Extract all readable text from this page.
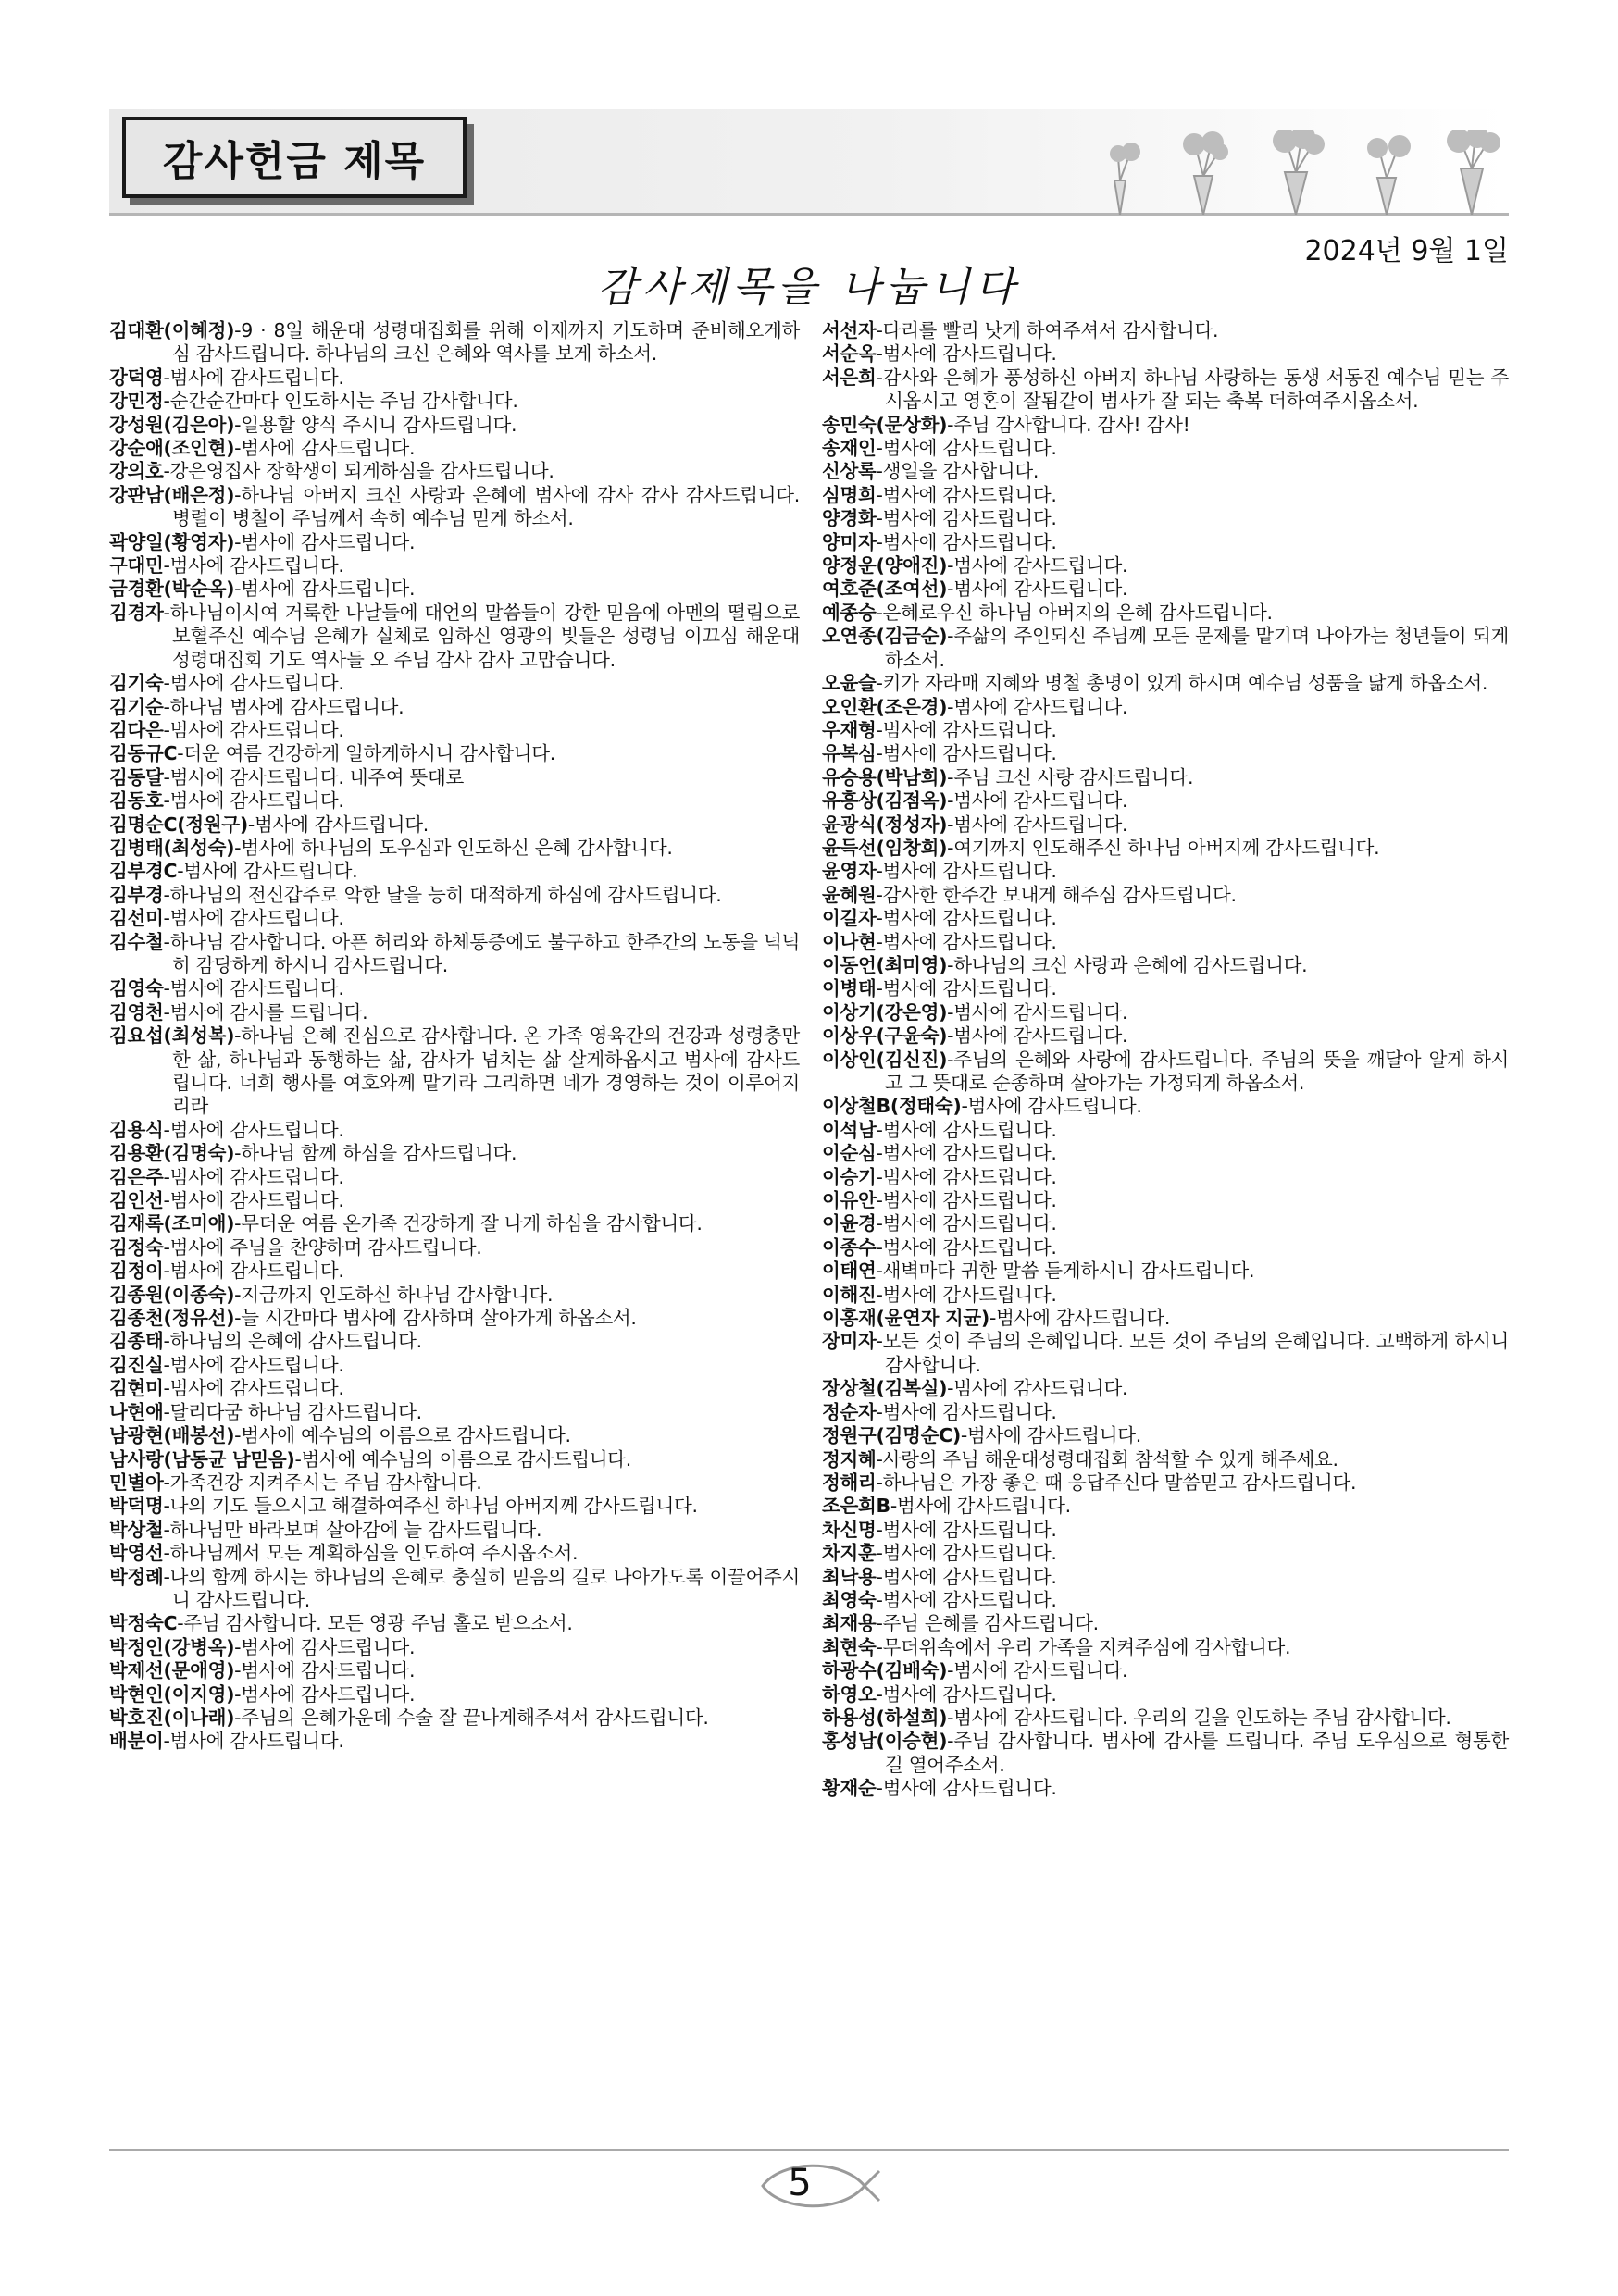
감사헌금 제목
2024년 9월 1일
감사제목을 나눕니다
김대환(이혜정)-9 · 8일 해운대 성령대집회를 위해 이제까지 기도하며 준비해오게하심 감사드립니다. 하나님의 크신 은혜와 역사를 보게 하소서.
강덕영-범사에 감사드립니다.
강민정-순간순간마다 인도하시는 주님 감사합니다.
강성원(김은아)-일용할 양식 주시니 감사드립니다.
강순애(조인현)-범사에 감사드립니다.
강의호-강은영집사 장학생이 되게하심을 감사드립니다.
강판남(배은정)-하나님 아버지 크신 사랑과 은혜에 범사에 감사 감사 감사드립니다. 병렬이 병철이 주님께서 속히 예수님 믿게 하소서.
곽양일(황영자)-범사에 감사드립니다.
구대민-범사에 감사드립니다.
금경환(박순옥)-범사에 감사드립니다.
김경자-하나님이시여 거룩한 나날들에 대언의 말씀들이 강한 믿음에 아멘의 떨림으로 보혈주신 예수님 은혜가 실체로 임하신 영광의 빛들은 성령님 이끄심 해운대성령대집회 기도 역사들 오 주님 감사 감사 고맙습니다.
김기숙-범사에 감사드립니다.
김기순-하나님 범사에 감사드립니다.
김다은-범사에 감사드립니다.
김동규C-더운 여름 건강하게 일하게하시니 감사합니다.
김동달-범사에 감사드립니다. 내주여 뜻대로
김동호-범사에 감사드립니다.
김명순C(정원구)-범사에 감사드립니다.
김병태(최성숙)-범사에 하나님의 도우심과 인도하신 은혜 감사합니다.
김부경C-범사에 감사드립니다.
김부경-하나님의 전신갑주로 악한 날을 능히 대적하게 하심에 감사드립니다.
김선미-범사에 감사드립니다.
김수철-하나님 감사합니다. 아픈 허리와 하체통증에도 불구하고 한주간의 노동을 넉넉히 감당하게 하시니 감사드립니다.
김영숙-범사에 감사드립니다.
김영천-범사에 감사를 드립니다.
김요섭(최성복)-하나님 은혜 진심으로 감사합니다. 온 가족 영육간의 건강과 성령충만한 삶, 하나님과 동행하는 삶, 감사가 넘치는 삶 살게하옵시고 범사에 감사드립니다. 너희 행사를 여호와께 맡기라 그리하면 네가 경영하는 것이 이루어지리라
김용식-범사에 감사드립니다.
김용환(김명숙)-하나님 함께 하심을 감사드립니다.
김은주-범사에 감사드립니다.
김인선-범사에 감사드립니다.
김재록(조미애)-무더운 여름 온가족 건강하게 잘 나게 하심을 감사합니다.
김정숙-범사에 주님을 찬양하며 감사드립니다.
김정이-범사에 감사드립니다.
김종원(이종숙)-지금까지 인도하신 하나님 감사합니다.
김종천(정유선)-늘 시간마다 범사에 감사하며 살아가게 하옵소서.
김종태-하나님의 은혜에 감사드립니다.
김진실-범사에 감사드립니다.
김현미-범사에 감사드립니다.
나현애-달리다굼 하나님 감사드립니다.
남광현(배봉선)-범사에 예수님의 이름으로 감사드립니다.
남사랑(남동균 남믿음)-범사에 예수님의 이름으로 감사드립니다.
민별아-가족건강 지켜주시는 주님 감사합니다.
박덕명-나의 기도 들으시고 해결하여주신 하나님 아버지께 감사드립니다.
박상철-하나님만 바라보며 살아감에 늘 감사드립니다.
박영선-하나님께서 모든 계획하심을 인도하여 주시옵소서.
박정례-나의 함께 하시는 하나님의 은혜로 충실히 믿음의 길로 나아가도록 이끌어주시니 감사드립니다.
박정숙C-주님 감사합니다. 모든 영광 주님 홀로 받으소서.
박정인(강병옥)-범사에 감사드립니다.
박제선(문애영)-범사에 감사드립니다.
박현인(이지영)-범사에 감사드립니다.
박호진(이나래)-주님의 은혜가운데 수술 잘 끝나게해주셔서 감사드립니다.
배분이-범사에 감사드립니다.
서선자-다리를 빨리 낫게 하여주셔서 감사합니다.
서순옥-범사에 감사드립니다.
서은희-감사와 은혜가 풍성하신 아버지 하나님 사랑하는 동생 서동진 예수님 믿는 주시옵시고 영혼이 잘됨같이 범사가 잘 되는 축복 더하여주시옵소서.
송민숙(문상화)-주님 감사합니다. 감사! 감사!
송재인-범사에 감사드립니다.
신상록-생일을 감사합니다.
심명희-범사에 감사드립니다.
양경화-범사에 감사드립니다.
양미자-범사에 감사드립니다.
양정운(양애진)-범사에 감사드립니다.
여호준(조여선)-범사에 감사드립니다.
예종승-은혜로우신 하나님 아버지의 은혜 감사드립니다.
오연종(김금순)-주삶의 주인되신 주님께 모든 문제를 맡기며 나아가는 청년들이 되게 하소서.
오윤슬-키가 자라매 지혜와 명철 총명이 있게 하시며 예수님 성품을 닮게 하옵소서.
오인환(조은경)-범사에 감사드립니다.
우재형-범사에 감사드립니다.
유복심-범사에 감사드립니다.
유승용(박남희)-주님 크신 사랑 감사드립니다.
유흥상(김점옥)-범사에 감사드립니다.
윤광식(정성자)-범사에 감사드립니다.
윤득선(임창희)-여기까지 인도해주신 하나님 아버지께 감사드립니다.
윤영자-범사에 감사드립니다.
윤혜원-감사한 한주간 보내게 해주심 감사드립니다.
이길자-범사에 감사드립니다.
이나현-범사에 감사드립니다.
이동언(최미영)-하나님의 크신 사랑과 은혜에 감사드립니다.
이병태-범사에 감사드립니다.
이상기(강은영)-범사에 감사드립니다.
이상우(구윤숙)-범사에 감사드립니다.
이상인(김신진)-주님의 은혜와 사랑에 감사드립니다. 주님의 뜻을 깨달아 알게 하시고 그 뜻대로 순종하며 살아가는 가정되게 하옵소서.
이상철B(정태숙)-범사에 감사드립니다.
이석남-범사에 감사드립니다.
이순심-범사에 감사드립니다.
이승기-범사에 감사드립니다.
이유안-범사에 감사드립니다.
이윤경-범사에 감사드립니다.
이종수-범사에 감사드립니다.
이태연-새벽마다 귀한 말씀 듣게하시니 감사드립니다.
이해진-범사에 감사드립니다.
이홍재(윤연자 지균)-범사에 감사드립니다.
장미자-모든 것이 주님의 은혜입니다. 모든 것이 주님의 은혜입니다. 고백하게 하시니 감사합니다.
장상철(김복실)-범사에 감사드립니다.
정순자-범사에 감사드립니다.
정원구(김명순C)-범사에 감사드립니다.
정지혜-사랑의 주님 해운대성령대집회 참석할 수 있게 해주세요.
정해리-하나님은 가장 좋은 때 응답주신다 말씀믿고 감사드립니다.
조은희B-범사에 감사드립니다.
차신명-범사에 감사드립니다.
차지훈-범사에 감사드립니다.
최낙용-범사에 감사드립니다.
최영숙-범사에 감사드립니다.
최재용-주님 은혜를 감사드립니다.
최현숙-무더위속에서 우리 가족을 지켜주심에 감사합니다.
하광수(김배숙)-범사에 감사드립니다.
하영오-범사에 감사드립니다.
하용성(하설희)-범사에 감사드립니다. 우리의 길을 인도하는 주님 감사합니다.
홍성남(이승현)-주님 감사합니다. 범사에 감사를 드립니다. 주님 도우심으로 형통한 길 열어주소서.
황재순-범사에 감사드립니다.
5
